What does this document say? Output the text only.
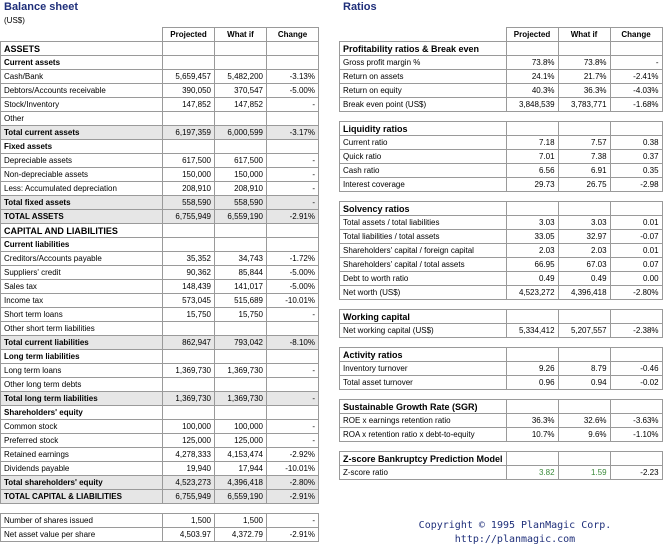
Balance sheet
(US$)
	Projected	What if	Change
ASSETS			
Current assets			
Cash/Bank	5,659,457	5,482,200	-3.13%
Debtors/Accounts receivable	390,050	370,547	-5.00%
Stock/Inventory	147,852	147,852	-
Other			
Total current assets	6,197,359	6,000,599	-3.17%
Fixed assets			
Depreciable assets	617,500	617,500	-
Non-depreciable assets	150,000	150,000	-
Less: Accumulated depreciation	208,910	208,910	-
Total fixed assets	558,590	558,590	-
TOTAL ASSETS	6,755,949	6,559,190	-2.91%
CAPITAL AND LIABILITIES			
Current liabilities			
Creditors/Accounts payable	35,352	34,743	-1.72%
Suppliers' credit	90,362	85,844	-5.00%
Sales tax	148,439	141,017	-5.00%
Income tax	573,045	515,689	-10.01%
Short term loans	15,750	15,750	-
Other short term liabilities			
Total current liabilities	862,947	793,042	-8.10%
Long term liabilities			
Long term loans	1,369,730	1,369,730	-
Other long term debts			
Total long term liabilities	1,369,730	1,369,730	-
Shareholders' equity			
Common stock	100,000	100,000	-
Preferred stock	125,000	125,000	-
Retained earnings	4,278,333	4,153,474	-2.92%
Dividends payable	19,940	17,944	-10.01%
Total shareholders' equity	4,523,273	4,396,418	-2.80%
TOTAL CAPITAL & LIABILITIES	6,755,949	6,559,190	-2.91%

Number of shares issued	1,500	1,500	-
Net asset value per share	4,503.97	4,372.79	-2.91%
Ratios
	Projected	What if	Change
Profitability ratios & Break even			
Gross profit margin %	73.8%	73.8%	-
Return on assets	24.1%	21.7%	-2.41%
Return on equity	40.3%	36.3%	-4.03%
Break even point (US$)	3,848,539	3,783,771	-1.68%

Liquidity ratios			
Current ratio	7.18	7.57	0.38
Quick ratio	7.01	7.38	0.37
Cash ratio	6.56	6.91	0.35
Interest coverage	29.73	26.75	-2.98

Solvency ratios			
Total assets / total liabilities	3.03	3.03	0.01
Total liabilities / total assets	33.05	32.97	-0.07
Shareholders' capital / foreign capital	2.03	2.03	0.01
Shareholders' capital / total assets	66.95	67.03	0.07
Debt to worth ratio	0.49	0.49	0.00
Net worth (US$)	4,523,272	4,396,418	-2.80%

Working capital			
Net working capital (US$)	5,334,412	5,207,557	-2.38%

Activity ratios			
Inventory turnover	9.26	8.79	-0.46
Total asset turnover	0.96	0.94	-0.02

Sustainable Growth Rate (SGR)			
ROE x earnings retention ratio	36.3%	32.6%	-3.63%
ROA x retention ratio x debt-to-equity	10.7%	9.6%	-1.10%

Z-score Bankruptcy Prediction Model			
Z-score ratio	3.82	1.59	-2.23
Copyright © 1995 PlanMagic Corp.
http://planmagic.com
